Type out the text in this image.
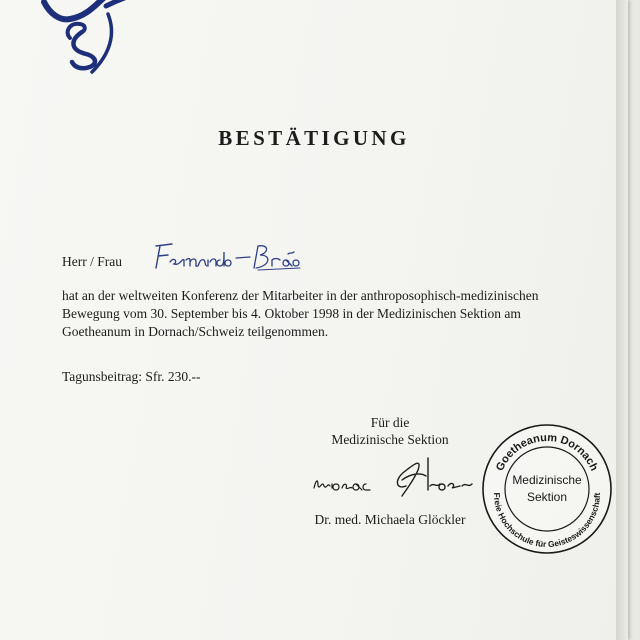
BESTÄTIGUNG
Herr / Frau
hat an der weltweiten Konferenz der Mitarbeiter in der anthroposophisch-medizinischen
Bewegung vom 30. September bis 4. Oktober 1998 in der Medizinischen Sektion am
Goetheanum in Dornach/Schweiz teilgenommen.
Tagunsbeitrag: Sfr. 230.--
Für die
Medizinische Sektion
Dr. med. Michaela Glöckler
Goetheanum Dornach
Freie Hochschule für Geisteswissenschaft
Medizinische
Sektion
